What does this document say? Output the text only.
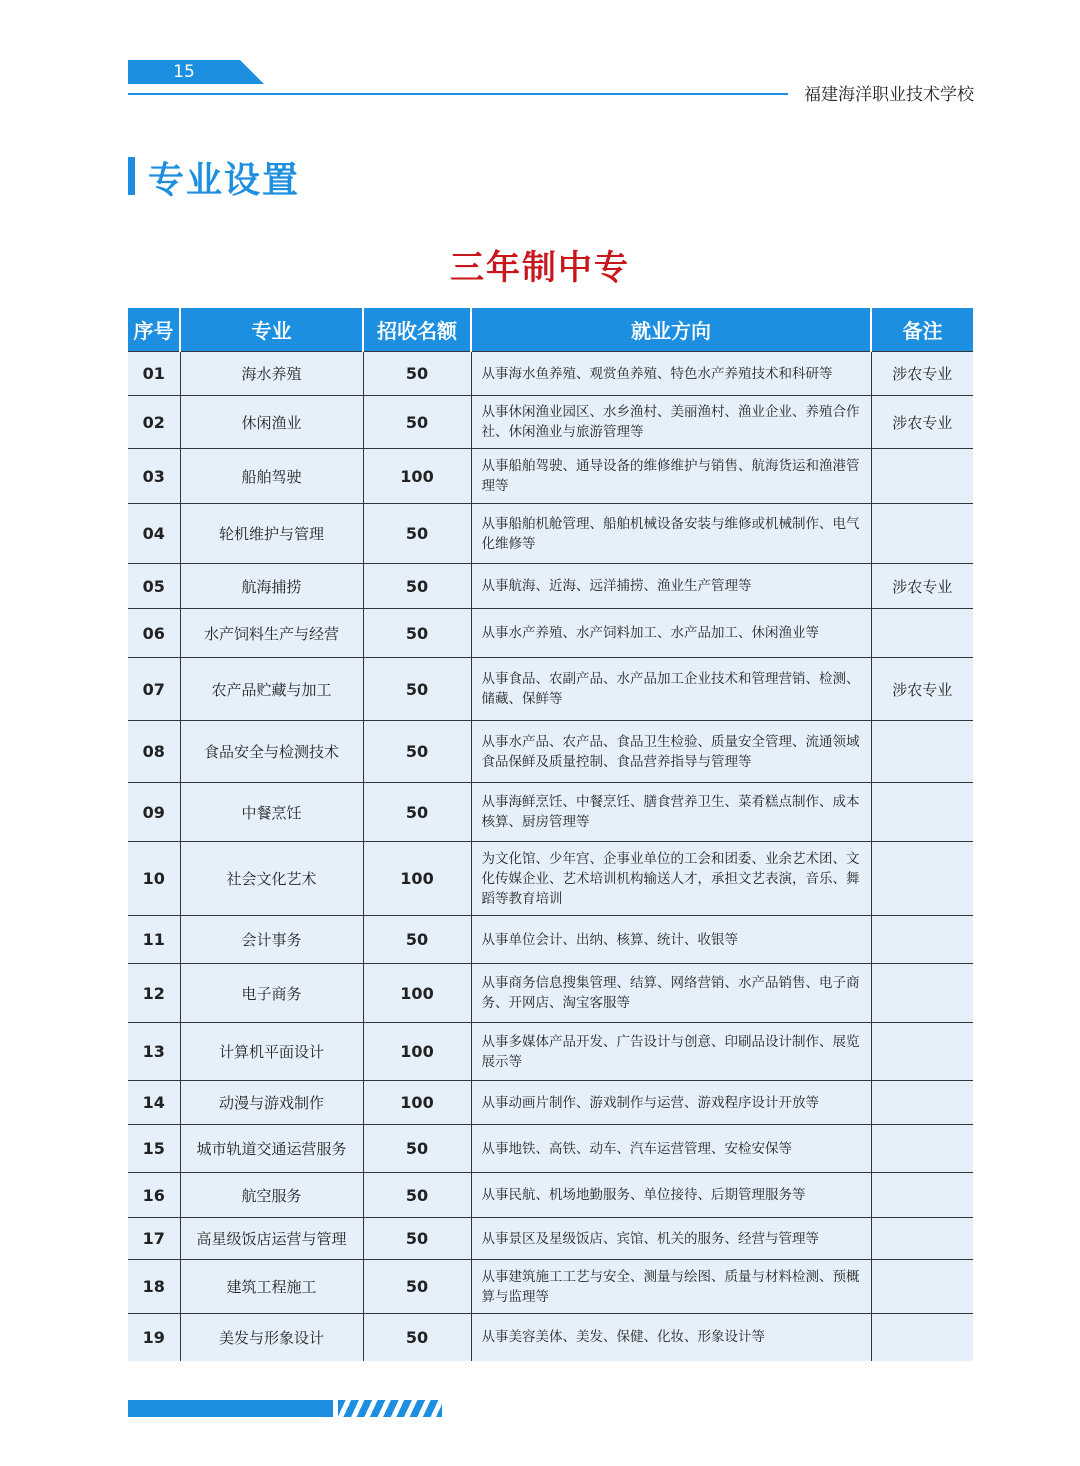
15
福建海洋职业技术学校
专业设置
三年制中专
序号	专业	招收名额	就业方向	备注
01	海水养殖	50	从事海水鱼养殖、观赏鱼养殖、特色水产养殖技术和科研等	涉农专业
02	休闲渔业	50	从事休闲渔业园区、水乡渔村、美丽渔村、渔业企业、养殖合作社、休闲渔业与旅游管理等	涉农专业
03	船舶驾驶	100	从事船舶驾驶、通导设备的维修维护与销售、航海货运和渔港管理等	
04	轮机维护与管理	50	从事船舶机舱管理、船舶机械设备安装与维修或机械制作、电气化维修等	
05	航海捕捞	50	从事航海、近海、远洋捕捞、渔业生产管理等	涉农专业
06	水产饲料生产与经营	50	从事水产养殖、水产饲料加工、水产品加工、休闲渔业等	
07	农产品贮藏与加工	50	从事食品、农副产品、水产品加工企业技术和管理营销、检测、储藏、保鲜等	涉农专业
08	食品安全与检测技术	50	从事水产品、农产品、食品卫生检验、质量安全管理、流通领域食品保鲜及质量控制、食品营养指导与管理等	
09	中餐烹饪	50	从事海鲜烹饪、中餐烹饪、膳食营养卫生、菜肴糕点制作、成本核算、厨房管理等	
10	社会文化艺术	100	为文化馆、少年宫、企事业单位的工会和团委、业余艺术团、文化传媒企业、艺术培训机构输送人才，承担文艺表演，音乐、舞蹈等教育培训	
11	会计事务	50	从事单位会计、出纳、核算、统计、收银等	
12	电子商务	100	从事商务信息搜集管理、结算、网络营销、水产品销售、电子商务、开网店、淘宝客服等	
13	计算机平面设计	100	从事多媒体产品开发、广告设计与创意、印刷品设计制作、展览展示等	
14	动漫与游戏制作	100	从事动画片制作、游戏制作与运营、游戏程序设计开放等	
15	城市轨道交通运营服务	50	从事地铁、高铁、动车、汽车运营管理、安检安保等	
16	航空服务	50	从事民航、机场地勤服务、单位接待、后期管理服务等	
17	高星级饭店运营与管理	50	从事景区及星级饭店、宾馆、机关的服务、经营与管理等	
18	建筑工程施工	50	从事建筑施工工艺与安全、测量与绘图、质量与材料检测、预概算与监理等	
19	美发与形象设计	50	从事美容美体、美发、保健、化妆、形象设计等	
